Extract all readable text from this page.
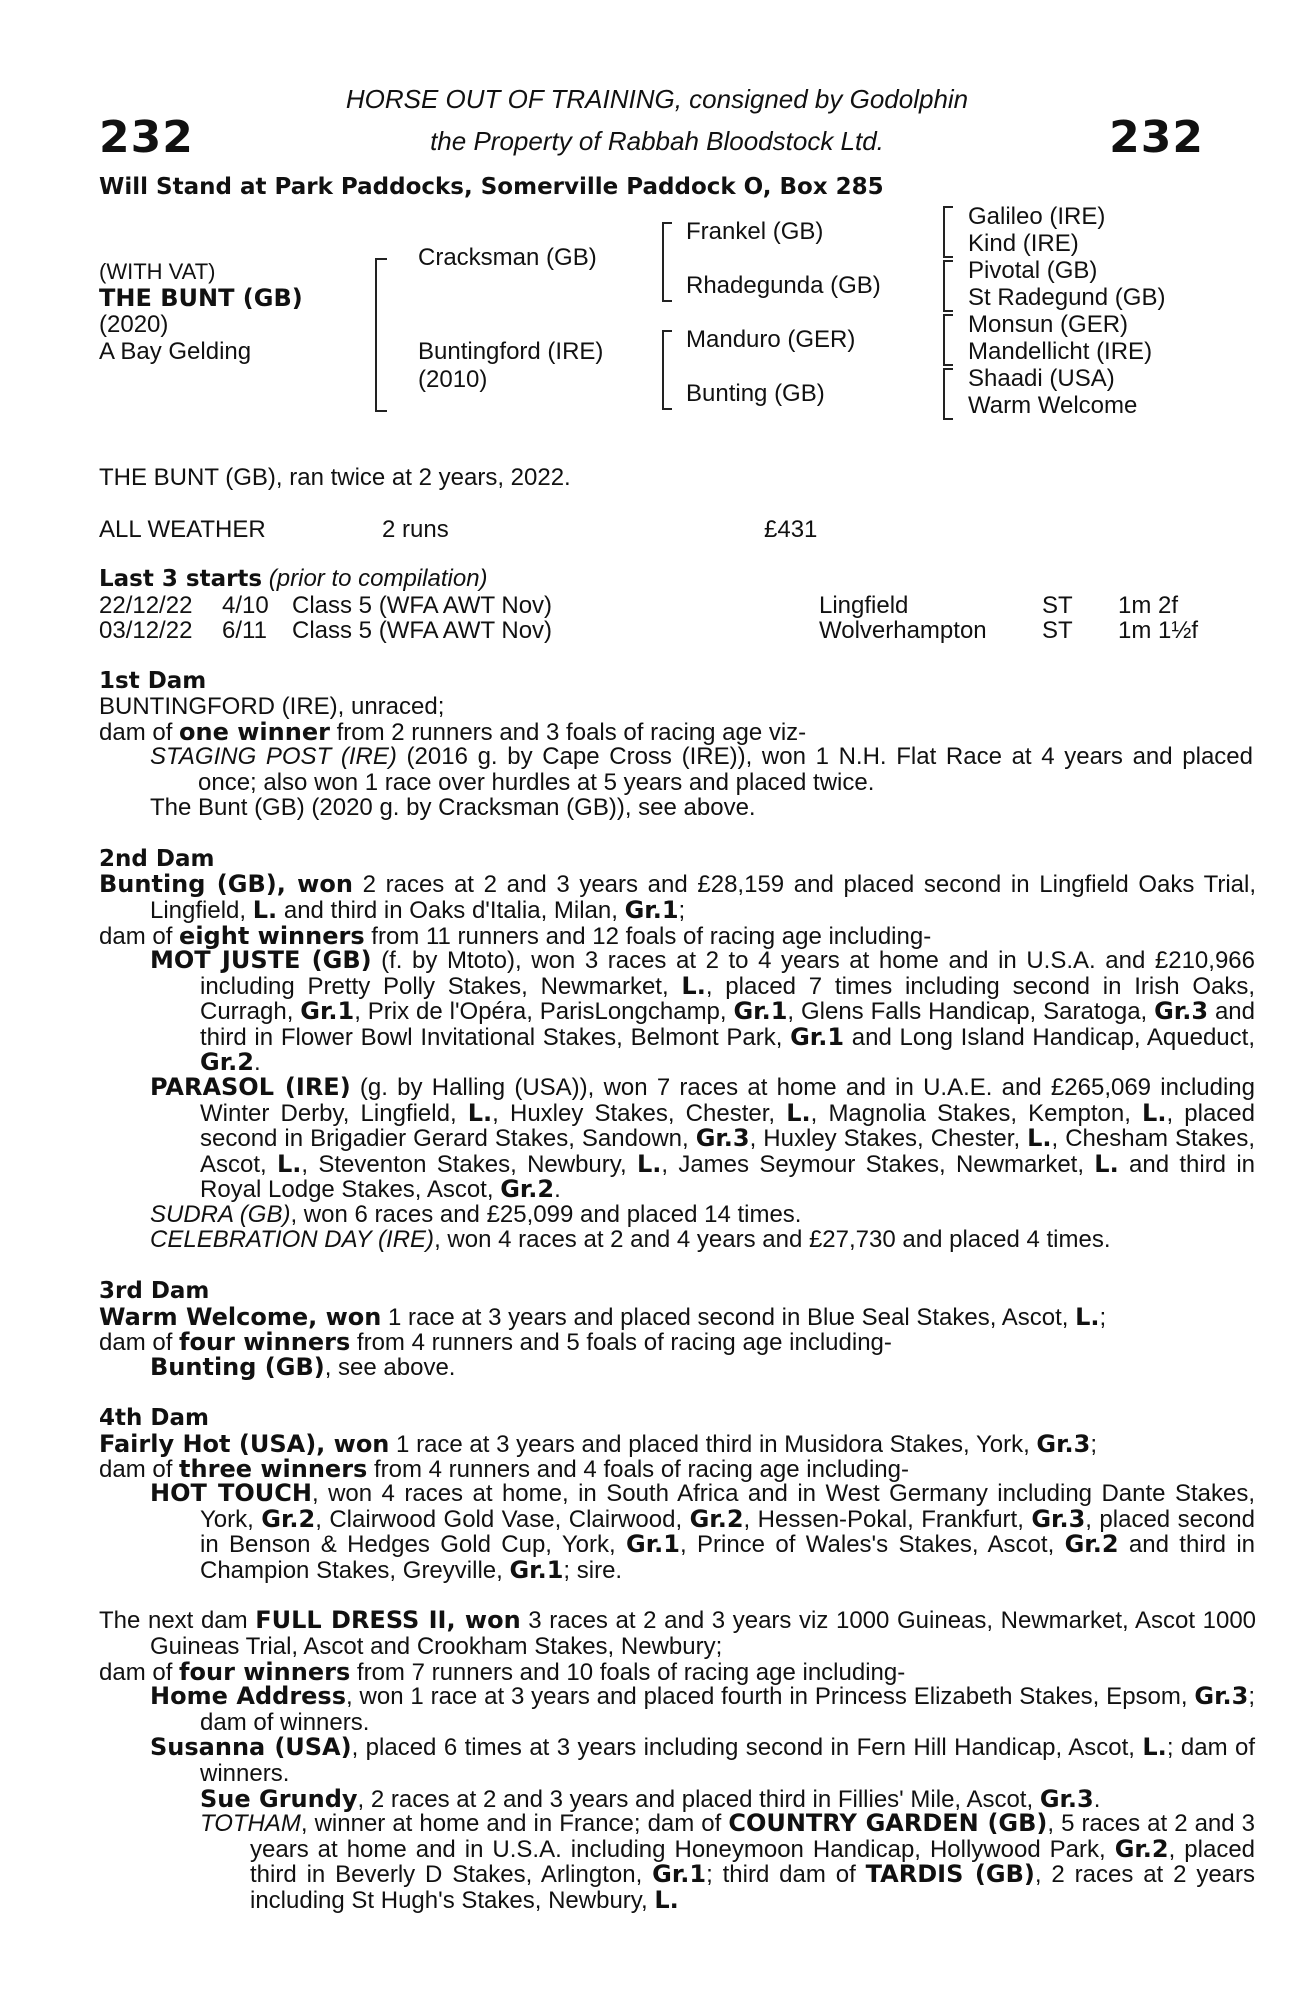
232	232
HORSE OUT OF TRAINING, consigned by Godolphin
the Property of Rabbah Bloodstock Ltd.
Will Stand at Park Paddocks, Somerville Paddock O, Box 285
(WITH VAT)
THE BUNT (GB)
(2020)
A Bay Gelding
Cracksman (GB)
Buntingford (IRE)
(2010)
Frankel (GB)
Rhadegunda (GB)
Manduro (GER)
Bunting (GB)
Galileo (IRE)
Kind (IRE)
Pivotal (GB)
St Radegund (GB)
Monsun (GER)
Mandellicht (IRE)
Shaadi (USA)
Warm Welcome
THE BUNT (GB), ran twice at 2 years, 2022.
ALL WEATHER	2 runs	£431
Last 3 starts (prior to compilation)
22/12/22 4/10 Class 5 (WFA AWT Nov)	Lingfield	ST 1m 2f
03/12/22 6/11 Class 5 (WFA AWT Nov)	Wolverhampton ST 1m 1½f
1st Dam
BUNTINGFORD (IRE), unraced;
dam of one winner from 2 runners and 3 foals of racing age viz-
STAGING POST (IRE) (2016 g. by Cape Cross (IRE)), won 1 N.H. Flat Race at 4 years and placed once; also won 1 race over hurdles at 5 years and placed twice.
The Bunt (GB) (2020 g. by Cracksman (GB)), see above.
2nd Dam
Bunting (GB), won 2 races at 2 and 3 years and £28,159 and placed second in Lingfield Oaks Trial, Lingfield, L. and third in Oaks d'Italia, Milan, Gr.1;
dam of eight winners from 11 runners and 12 foals of racing age including-
MOT JUSTE (GB) (f. by Mtoto), won 3 races at 2 to 4 years at home and in U.S.A. and £210,966 including Pretty Polly Stakes, Newmarket, L., placed 7 times including second in Irish Oaks, Curragh, Gr.1, Prix de l'Opéra, ParisLongchamp, Gr.1, Glens Falls Handicap, Saratoga, Gr.3 and third in Flower Bowl Invitational Stakes, Belmont Park, Gr.1 and Long Island Handicap, Aqueduct, Gr.2.
PARASOL (IRE) (g. by Halling (USA)), won 7 races at home and in U.A.E. and £265,069 including Winter Derby, Lingfield, L., Huxley Stakes, Chester, L., Magnolia Stakes, Kempton, L., placed second in Brigadier Gerard Stakes, Sandown, Gr.3, Huxley Stakes, Chester, L., Chesham Stakes, Ascot, L., Steventon Stakes, Newbury, L., James Seymour Stakes, Newmarket, L. and third in Royal Lodge Stakes, Ascot, Gr.2.
SUDRA (GB), won 6 races and £25,099 and placed 14 times.
CELEBRATION DAY (IRE), won 4 races at 2 and 4 years and £27,730 and placed 4 times.
3rd Dam
Warm Welcome, won 1 race at 3 years and placed second in Blue Seal Stakes, Ascot, L.;
dam of four winners from 4 runners and 5 foals of racing age including-
Bunting (GB), see above.
4th Dam
Fairly Hot (USA), won 1 race at 3 years and placed third in Musidora Stakes, York, Gr.3;
dam of three winners from 4 runners and 4 foals of racing age including-
HOT TOUCH, won 4 races at home, in South Africa and in West Germany including Dante Stakes, York, Gr.2, Clairwood Gold Vase, Clairwood, Gr.2, Hessen-Pokal, Frankfurt, Gr.3, placed second in Benson & Hedges Gold Cup, York, Gr.1, Prince of Wales's Stakes, Ascot, Gr.2 and third in Champion Stakes, Greyville, Gr.1; sire.
The next dam FULL DRESS II, won 3 races at 2 and 3 years viz 1000 Guineas, Newmarket, Ascot 1000 Guineas Trial, Ascot and Crookham Stakes, Newbury;
dam of four winners from 7 runners and 10 foals of racing age including-
Home Address, won 1 race at 3 years and placed fourth in Princess Elizabeth Stakes, Epsom, Gr.3; dam of winners.
Susanna (USA), placed 6 times at 3 years including second in Fern Hill Handicap, Ascot, L.; dam of winners.
Sue Grundy, 2 races at 2 and 3 years and placed third in Fillies' Mile, Ascot, Gr.3.
TOTHAM, winner at home and in France; dam of COUNTRY GARDEN (GB), 5 races at 2 and 3 years at home and in U.S.A. including Honeymoon Handicap, Hollywood Park, Gr.2, placed third in Beverly D Stakes, Arlington, Gr.1; third dam of TARDIS (GB), 2 races at 2 years including St Hugh's Stakes, Newbury, L.
